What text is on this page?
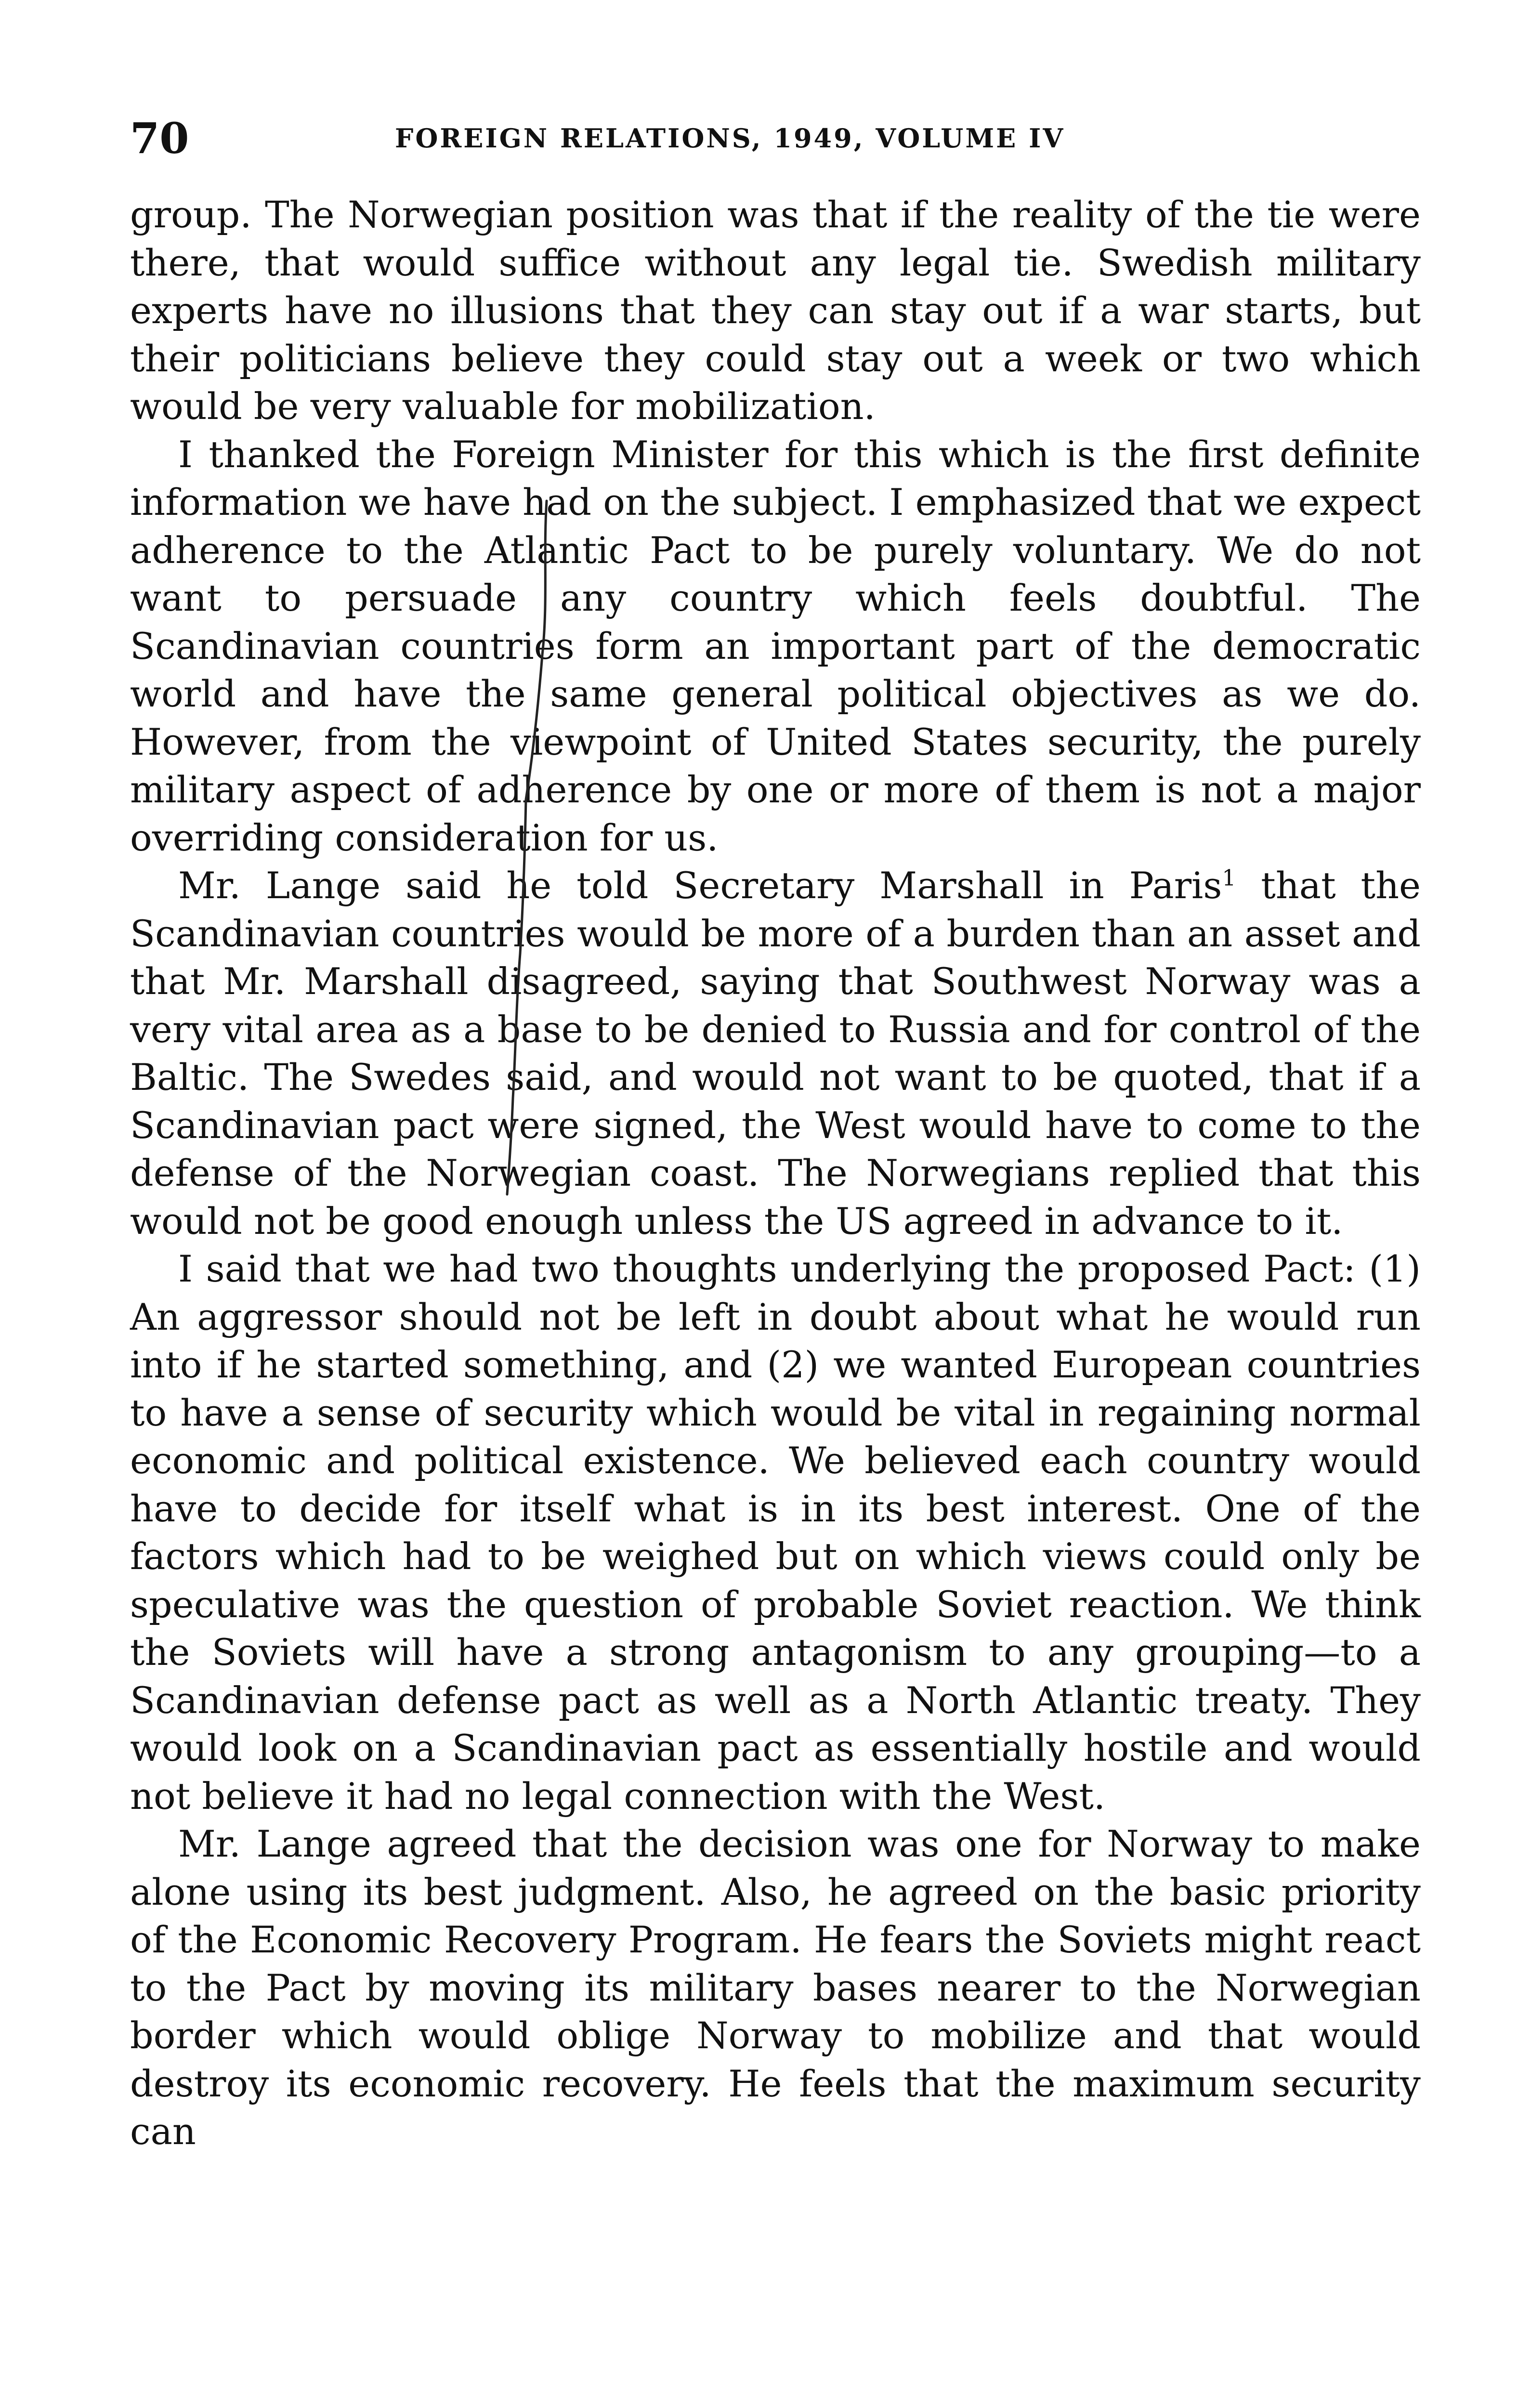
70	FOREIGN RELATIONS, 1949, VOLUME IV

group. The Norwegian position was that if the reality of the tie were there, that would suffice without any legal tie. Swedish military experts have no illusions that they can stay out if a war starts, but their politicians believe they could stay out a week or two which would be very valuable for mobilization.

I thanked the Foreign Minister for this which is the first definite information we have had on the subject. I emphasized that we expect adherence to the Atlantic Pact to be purely voluntary. We do not want to persuade any country which feels doubtful. The Scandinavian countries form an important part of the democratic world and have the same general political objectives as we do. However, from the viewpoint of United States security, the purely military aspect of adherence by one or more of them is not a major overriding consideration for us.

Mr. Lange said he told Secretary Marshall in Paris$^1$ that the Scandinavian countries would be more of a burden than an asset and that Mr. Marshall disagreed, saying that Southwest Norway was a very vital area as a base to be denied to Russia and for control of the Baltic. The Swedes said, and would not want to be quoted, that if a Scandinavian pact were signed, the West would have to come to the defense of the Norwegian coast. The Norwegians replied that this would not be good enough unless the US agreed in advance to it.

I said that we had two thoughts underlying the proposed Pact: (1) An aggressor should not be left in doubt about what he would run into if he started something, and (2) we wanted European countries to have a sense of security which would be vital in regaining normal economic and political existence. We believed each country would have to decide for itself what is in its best interest. One of the factors which had to be weighed but on which views could only be speculative was the question of probable Soviet reaction. We think the Soviets will have a strong antagonism to any grouping—to a Scandinavian defense pact as well as a North Atlantic treaty. They would look on a Scandinavian pact as essentially hostile and would not believe it had no legal connection with the West.

Mr. Lange agreed that the decision was one for Norway to make alone using its best judgment. Also, he agreed on the basic priority of the Economic Recovery Program. He fears the Soviets might react to the Pact by moving its military bases nearer to the Norwegian border which would oblige Norway to mobilize and that would destroy its economic recovery. He feels that the maximum security can
